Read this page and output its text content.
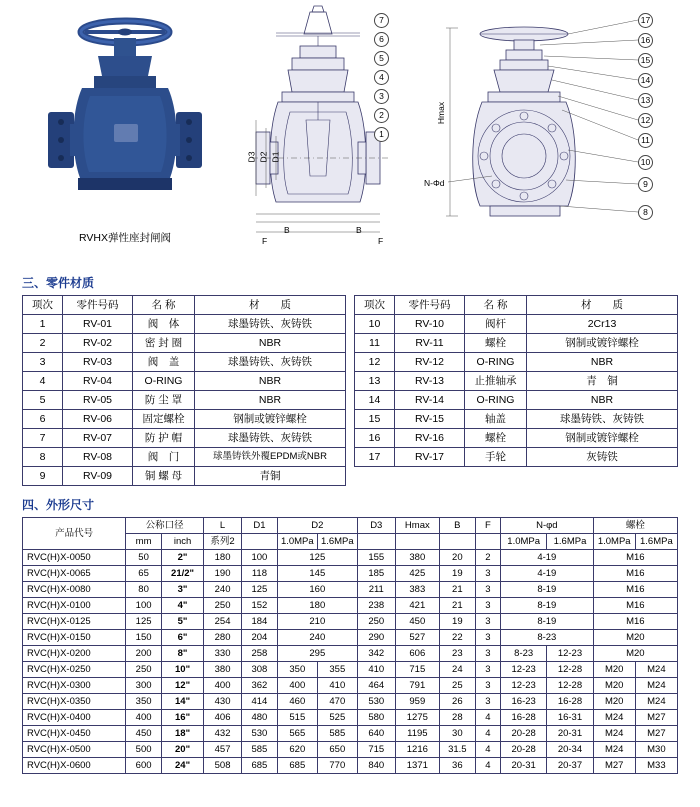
RVHX弹性座封闸阀
7
6
5
4
3
2
1
D3 D2 D1
F
B	B
F
17
16
15
14
13
12
11
10
9
8
Hmax
N-Φd
三、零件材质
项次	零件号码	名 称	材　　质
1	RV-01	阀　体	球墨铸铁、灰铸铁
2	RV-02	密 封 圈	NBR
3	RV-03	阀　盖	球墨铸铁、灰铸铁
4	RV-04	O-RING	NBR
5	RV-05	防 尘 罩	NBR
6	RV-06	固定螺栓	钢制或镀锌螺栓
7	RV-07	防 护 帽	球墨铸铁、灰铸铁
8	RV-08	阀　门	球墨铸铁外覆EPDM或NBR
9	RV-09	铜 螺 母	青铜
项次	零件号码	名 称	材　　质
10	RV-10	阀杆	2Cr13
11	RV-11	螺栓	钢制或镀锌螺栓
12	RV-12	O-RING	NBR
13	RV-13	止推轴承	青　铜
14	RV-14	O-RING	NBR
15	RV-15	轴盖	球墨铸铁、灰铸铁
16	RV-16	螺栓	钢制或镀锌螺栓
17	RV-17	手轮	灰铸铁

四、外形尺寸
产品代号	公称口径		L	D1	D2		D3	Hmax	B	F	N-φd		螺栓	
	mm	inch			1.0MPa	1.6MPa					1.0MPa	1.6MPa	1.0MPa	1.6MPa
			系列2											
RVC(H)X-0050	50	2"	180	100	125		155	380	20	2	4-19		M16	
RVC(H)X-0065	65	21/2"	190	118	145		185	425	19	3	4-19		M16	
RVC(H)X-0080	80	3"	240	125	160		211	383	21	3	8-19		M16	
RVC(H)X-0100	100	4"	250	152	180		238	421	21	3	8-19		M16	
RVC(H)X-0125	125	5"	254	184	210		250	450	19	3	8-19		M16	
RVC(H)X-0150	150	6"	280	204	240		290	527	22	3	8-23		M20	
RVC(H)X-0200	200	8"	330	258	295		342	606	23	3	8-23	12-23	M20	
RVC(H)X-0250	250	10"	380	308	350	355	410	715	24	3	12-23	12-28	M20	M24
RVC(H)X-0300	300	12"	400	362	400	410	464	791	25	3	12-23	12-28	M20	M24
RVC(H)X-0350	350	14"	430	414	460	470	530	959	26	3	16-23	16-28	M20	M24
RVC(H)X-0400	400	16"	406	480	515	525	580	1275	28	4	16-28	16-31	M24	M27
RVC(H)X-0450	450	18"	432	530	565	585	640	1195	30	4	20-28	20-31	M24	M27
RVC(H)X-0500	500	20"	457	585	620	650	715	1216	31.5	4	20-28	20-34	M24	M30
RVC(H)X-0600	600	24"	508	685	685	770	840	1371	36	4	20-31	20-37	M27	M33
